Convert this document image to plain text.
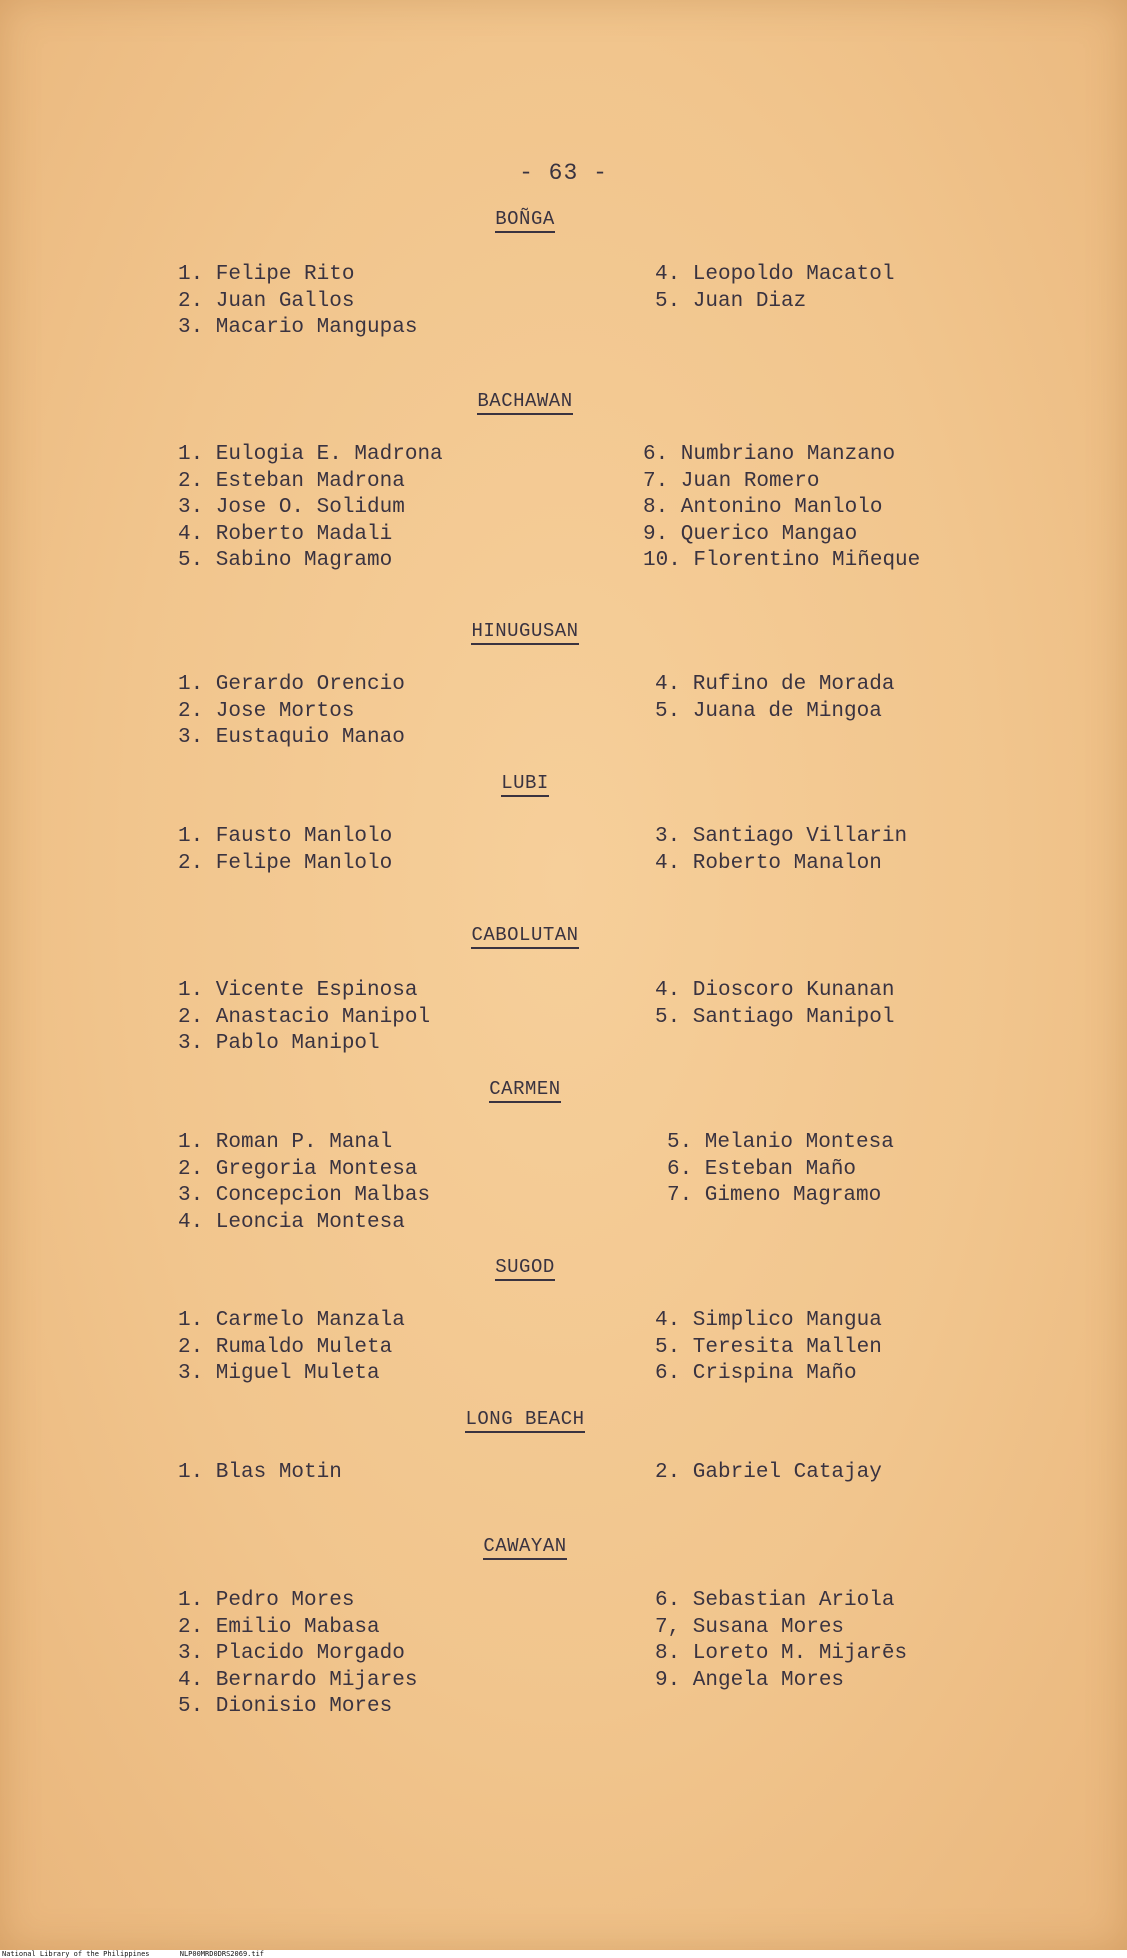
- 63 -
BOÑGA
1. Felipe Rito
2. Juan Gallos
3. Macario Mangupas
4. Leopoldo Macatol
5. Juan Diaz
BACHAWAN
1. Eulogia E. Madrona
2. Esteban Madrona
3. Jose O. Solidum
4. Roberto Madali
5. Sabino Magramo
6. Numbriano Manzano
7. Juan Romero
8. Antonino Manlolo
9. Querico Mangao
10. Florentino Miñeque
HINUGUSAN
1. Gerardo Orencio
2. Jose Mortos
3. Eustaquio Manao
4. Rufino de Morada
5. Juana de Mingoa
LUBI
1. Fausto Manlolo
2. Felipe Manlolo
3. Santiago Villarin
4. Roberto Manalon
CABOLUTAN
1. Vicente Espinosa
2. Anastacio Manipol
3. Pablo Manipol
4. Dioscoro Kunanan
5. Santiago Manipol
CARMEN
1. Roman P. Manal
2. Gregoria Montesa
3. Concepcion Malbas
4. Leoncia Montesa
5. Melanio Montesa
6. Esteban Maño
7. Gimeno Magramo
SUGOD
1. Carmelo Manzala
2. Rumaldo Muleta
3. Miguel Muleta
4. Simplico Mangua
5. Teresita Mallen
6. Crispina Maño
LONG BEACH
1. Blas Motin	2. Gabriel Catajay
CAWAYAN
1. Pedro Mores
2. Emilio Mabasa
3. Placido Morgado
4. Bernardo Mijares
5. Dionisio Mores
6. Sebastian Ariola
7, Susana Mores
8. Loreto M. Mijarēs
9. Angela Mores
National Library of the Philippines	NLP00MRD0DRS2069.tif
